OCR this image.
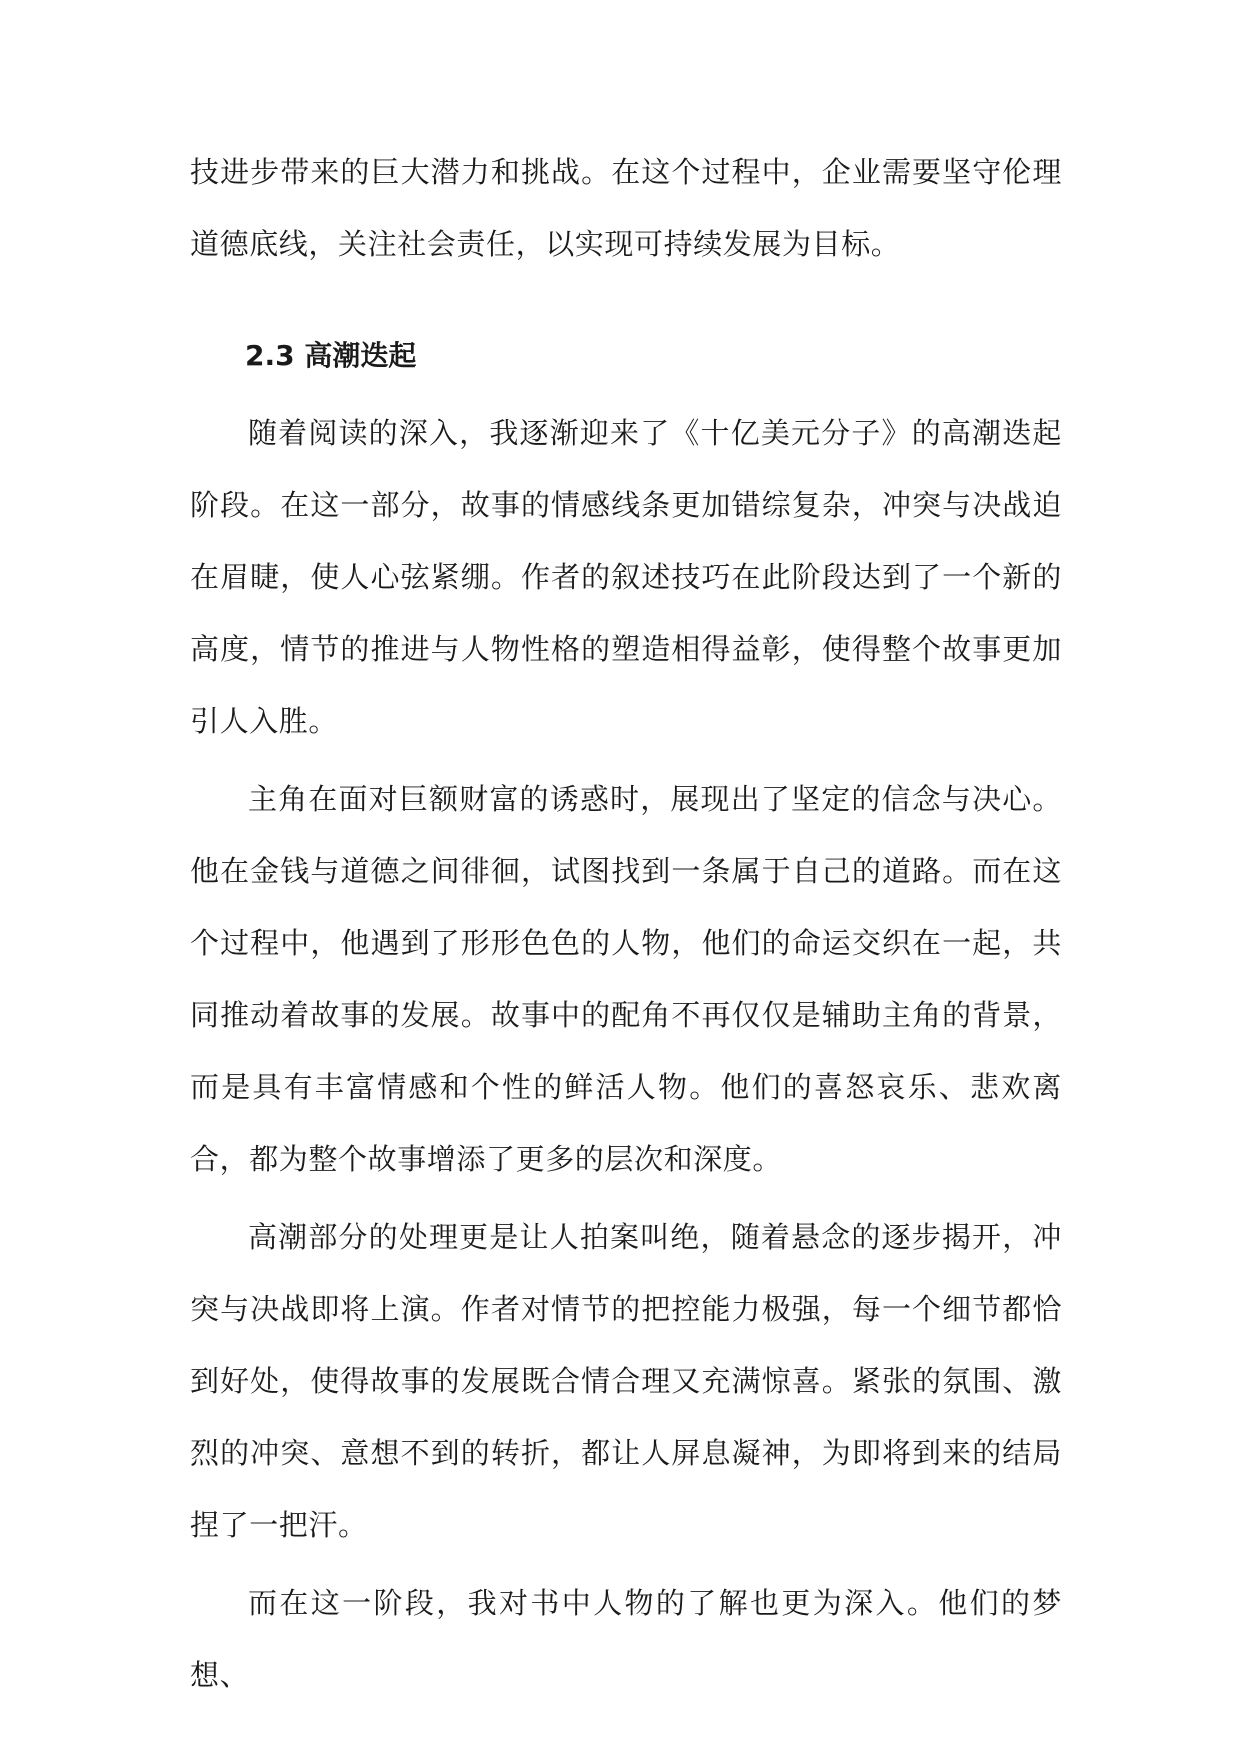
技进步带来的巨大潜力和挑战。在这个过程中，企业需要坚守伦理道德底线，关注社会责任，以实现可持续发展为目标。

2.3 高潮迭起

随着阅读的深入，我逐渐迎来了《十亿美元分子》的高潮迭起阶段。在这一部分，故事的情感线条更加错综复杂，冲突与决战迫在眉睫，使人心弦紧绷。作者的叙述技巧在此阶段达到了一个新的高度，情节的推进与人物性格的塑造相得益彰，使得整个故事更加引人入胜。

主角在面对巨额财富的诱惑时，展现出了坚定的信念与决心。他在金钱与道德之间徘徊，试图找到一条属于自己的道路。而在这个过程中，他遇到了形形色色的人物，他们的命运交织在一起，共同推动着故事的发展。故事中的配角不再仅仅是辅助主角的背景，而是具有丰富情感和个性的鲜活人物。他们的喜怒哀乐、悲欢离合，都为整个故事增添了更多的层次和深度。

高潮部分的处理更是让人拍案叫绝，随着悬念的逐步揭开，冲突与决战即将上演。作者对情节的把控能力极强，每一个细节都恰到好处，使得故事的发展既合情合理又充满惊喜。紧张的氛围、激烈的冲突、意想不到的转折，都让人屏息凝神，为即将到来的结局捏了一把汗。

而在这一阶段，我对书中人物的了解也更为深入。他们的梦想、
